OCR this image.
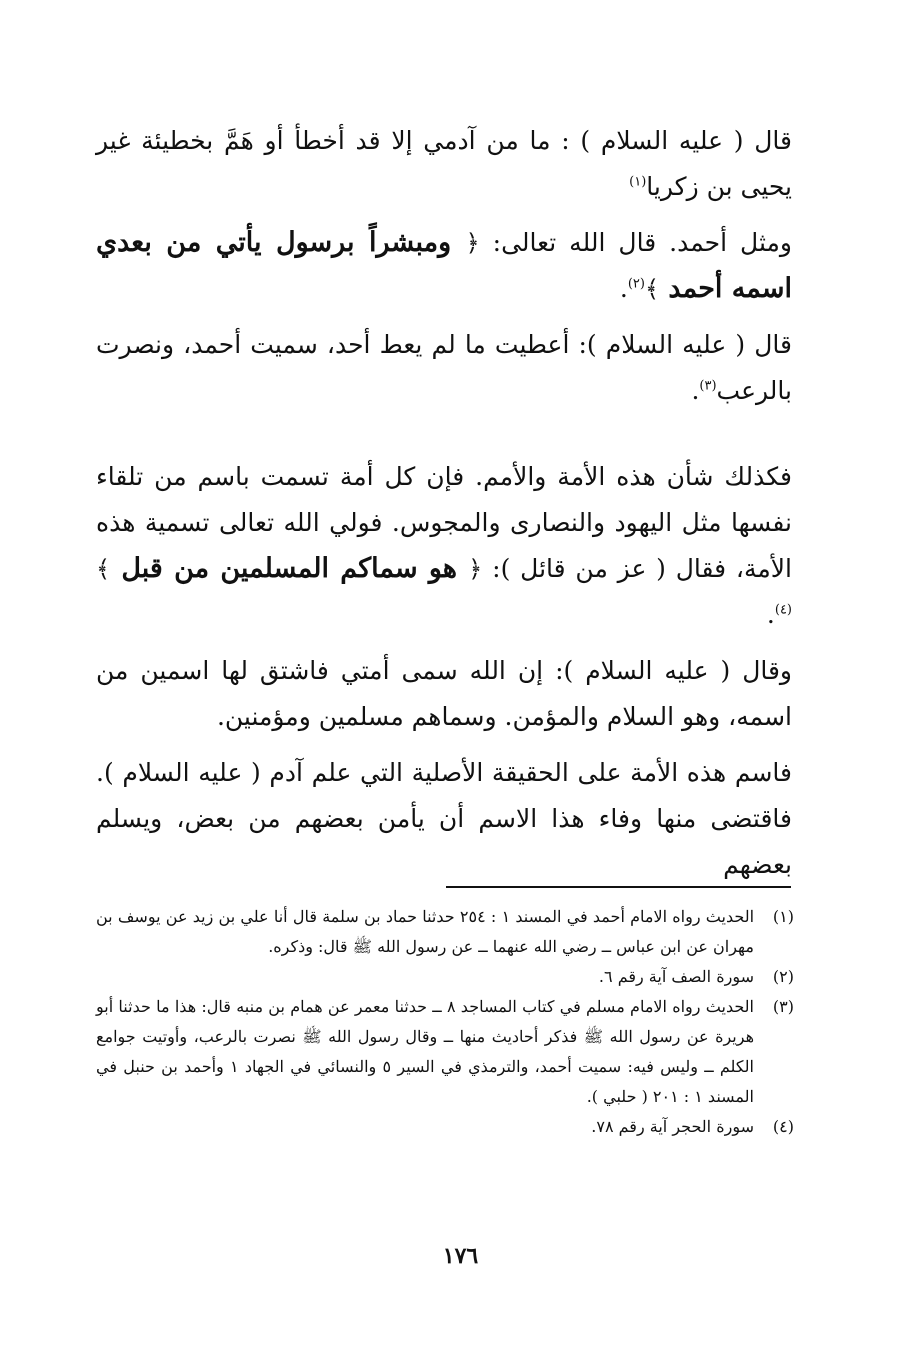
قال ( عليه السلام ) : ما من آدمي إلا قد أخطأ أو هَمَّ بخطيئة غير يحيى بن زكريا$^{(١)}$

ومثل أحمد. قال الله تعالى: ﴿ ومبشراً برسول يأتي من بعدي اسمه أحمد ﴾$^{(٢)}$.

قال ( عليه السلام ): أعطيت ما لم يعط أحد، سميت أحمد، ونصرت بالرعب$^{(٣)}$.

فكذلك شأن هذه الأمة والأمم. فإن كل أمة تسمت باسم من تلقاء نفسها مثل اليهود والنصارى والمجوس. فولي الله تعالى تسمية هذه الأمة، فقال ( عز من قائل ): ﴿ هو سماكم المسلمين من قبل ﴾$^{(٤)}$.

وقال ( عليه السلام ): إن الله سمى أمتي فاشتق لها اسمين من اسمه، وهو السلام والمؤمن. وسماهم مسلمين ومؤمنين.

فاسم هذه الأمة على الحقيقة الأصلية التي علم آدم ( عليه السلام ). فاقتضى منها وفاء هذا الاسم أن يأمن بعضهم من بعض، ويسلم بعضهم

(١)
الحديث رواه الامام أحمد في المسند ١ : ٢٥٤ حدثنا حماد بن سلمة قال أنا علي بن زيد عن يوسف بن مهران عن ابن عباس ــ رضي الله عنهما ــ عن رسول الله ﷺ قال: وذكره.
(٢)
سورة الصف آية رقم ٦.
(٣)
الحديث رواه الامام مسلم في كتاب المساجد ٨ ــ حدثنا معمر عن همام بن منبه قال: هذا ما حدثنا أبو هريرة عن رسول الله ﷺ فذكر أحاديث منها ــ وقال رسول الله ﷺ نصرت بالرعب، وأوتيت جوامع الكلم ــ وليس فيه: سميت أحمد، والترمذي في السير ٥ والنسائي في الجهاد ١ وأحمد بن حنبل في المسند ١ : ٢٠١ ( حلبي ).
(٤)
سورة الحجر آية رقم ٧٨.
١٧٦
